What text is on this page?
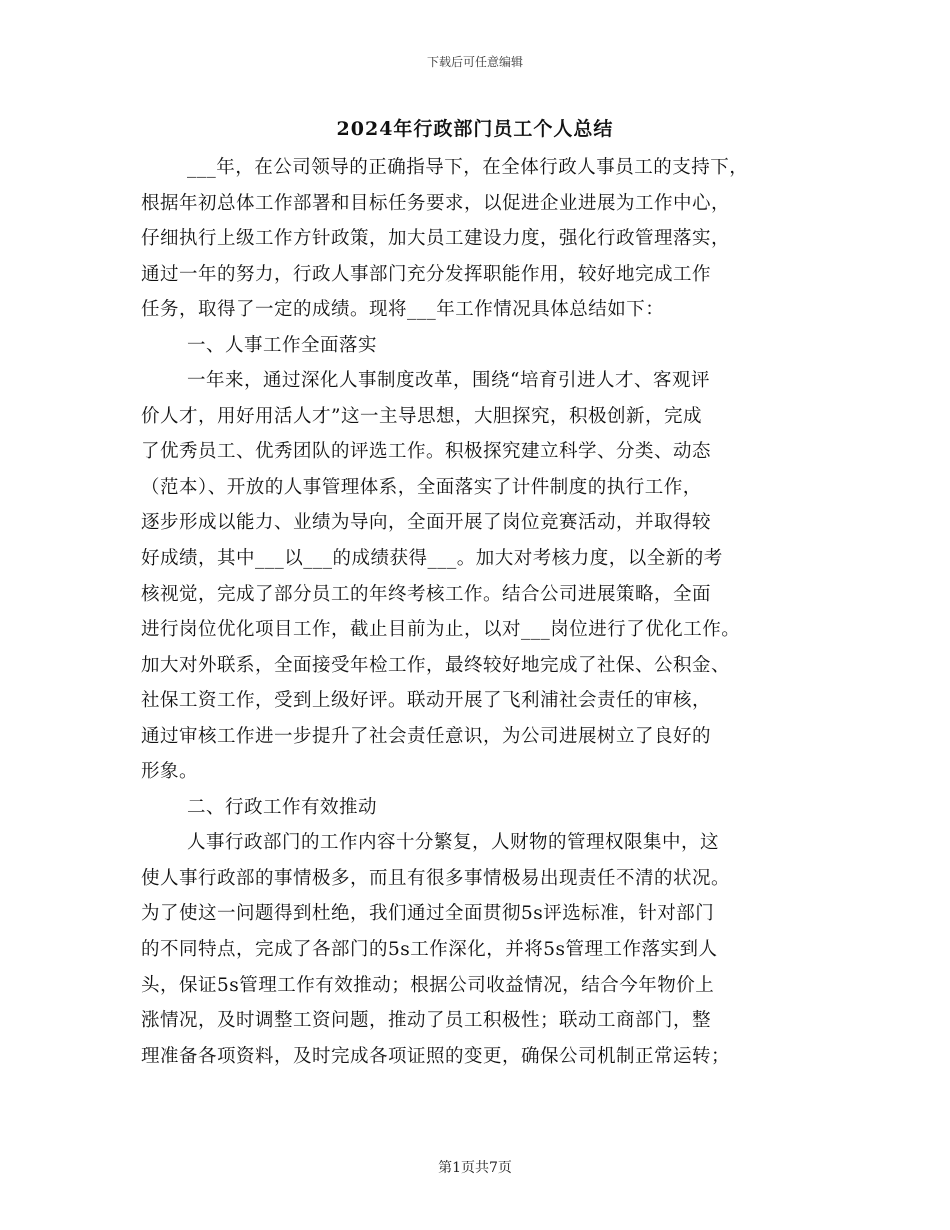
下载后可任意编辑
2024年行政部门员工个人总结
___年，在公司领导的正确指导下，在全体行政人事员工的支持下，
根据年初总体工作部署和目标任务要求，以促进企业进展为工作中心，
仔细执行上级工作方针政策，加大员工建设力度，强化行政管理落实，
通过一年的努力，行政人事部门充分发挥职能作用，较好地完成工作
任务，取得了一定的成绩。现将___年工作情况具体总结如下：
一、人事工作全面落实
一年来，通过深化人事制度改革，围绕“培育引进人才、客观评
价人才，用好用活人才”这一主导思想，大胆探究，积极创新，完成
了优秀员工、优秀团队的评选工作。积极探究建立科学、分类、动态
（范本）、开放的人事管理体系，全面落实了计件制度的执行工作，
逐步形成以能力、业绩为导向，全面开展了岗位竞赛活动，并取得较
好成绩，其中___以___的成绩获得___。加大对考核力度，以全新的考
核视觉，完成了部分员工的年终考核工作。结合公司进展策略，全面
进行岗位优化项目工作，截止目前为止，以对___岗位进行了优化工作。
加大对外联系，全面接受年检工作，最终较好地完成了社保、公积金、
社保工资工作，受到上级好评。联动开展了飞利浦社会责任的审核，
通过审核工作进一步提升了社会责任意识，为公司进展树立了良好的
形象。
二、行政工作有效推动
人事行政部门的工作内容十分繁复，人财物的管理权限集中，这
使人事行政部的事情极多，而且有很多事情极易出现责任不清的状况。
为了使这一问题得到杜绝，我们通过全面贯彻5s评选标准，针对部门
的不同特点，完成了各部门的5s工作深化，并将5s管理工作落实到人
头，保证5s管理工作有效推动；根据公司收益情况，结合今年物价上
涨情况，及时调整工资问题，推动了员工积极性；联动工商部门，整
理准备各项资料，及时完成各项证照的变更，确保公司机制正常运转；
第1页共7页
